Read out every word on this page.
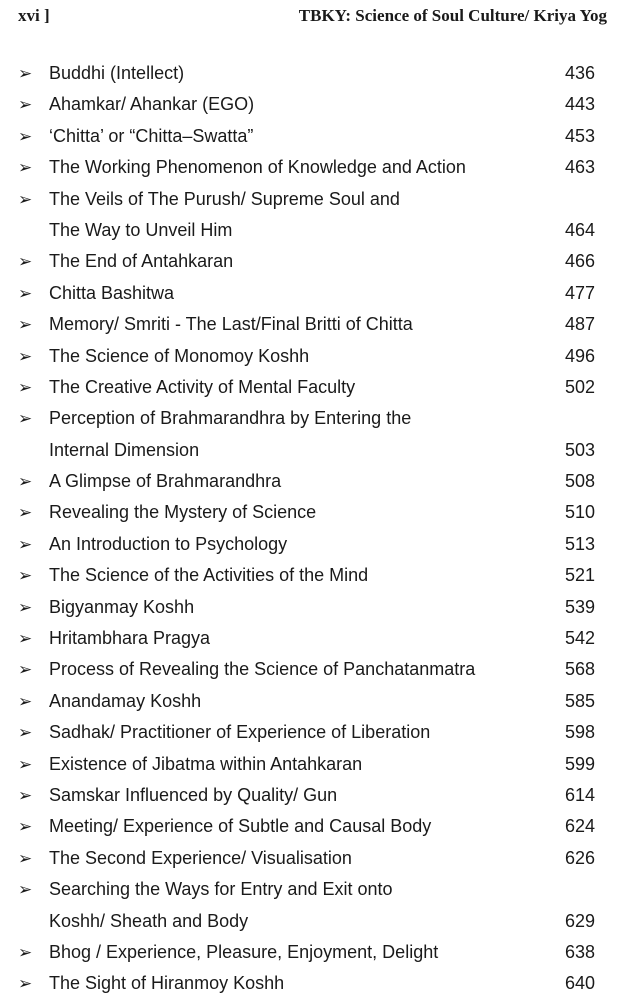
xvi ]	TBKY: Science of Soul Culture/ Kriya Yog
➢ Buddhi (Intellect)	436
➢ Ahamkar/ Ahankar (EGO)	443
➢ ‘Chitta’ or “Chitta–Swatta”	453
➢ The Working Phenomenon of Knowledge and Action	463
➢ The Veils of The Purush/ Supreme Soul and
The Way to Unveil Him	464
➢ The End of Antahkaran	466
➢ Chitta Bashitwa	477
➢ Memory/ Smriti - The Last/Final Britti of Chitta	487
➢ The Science of Monomoy Koshh	496
➢ The Creative Activity of Mental Faculty	502
➢ Perception of Brahmarandhra by Entering the
Internal Dimension	503
➢ A Glimpse of Brahmarandhra	508
➢ Revealing the Mystery of Science	510
➢ An Introduction to Psychology	513
➢ The Science of the Activities of the Mind	521
➢ Bigyanmay Koshh	539
➢ Hritambhara Pragya	542
➢ Process of Revealing the Science of Panchatanmatra	568
➢ Anandamay Koshh	585
➢ Sadhak/ Practitioner of Experience of Liberation	598
➢ Existence of Jibatma within Antahkaran	599
➢ Samskar Influenced by Quality/ Gun	614
➢ Meeting/ Experience of Subtle and Causal Body	624
➢ The Second Experience/ Visualisation	626
➢ Searching the Ways for Entry and Exit onto
Koshh/ Sheath and Body	629
➢ Bhog / Experience, Pleasure, Enjoyment, Delight	638
➢ The Sight of Hiranmoy Koshh	640
